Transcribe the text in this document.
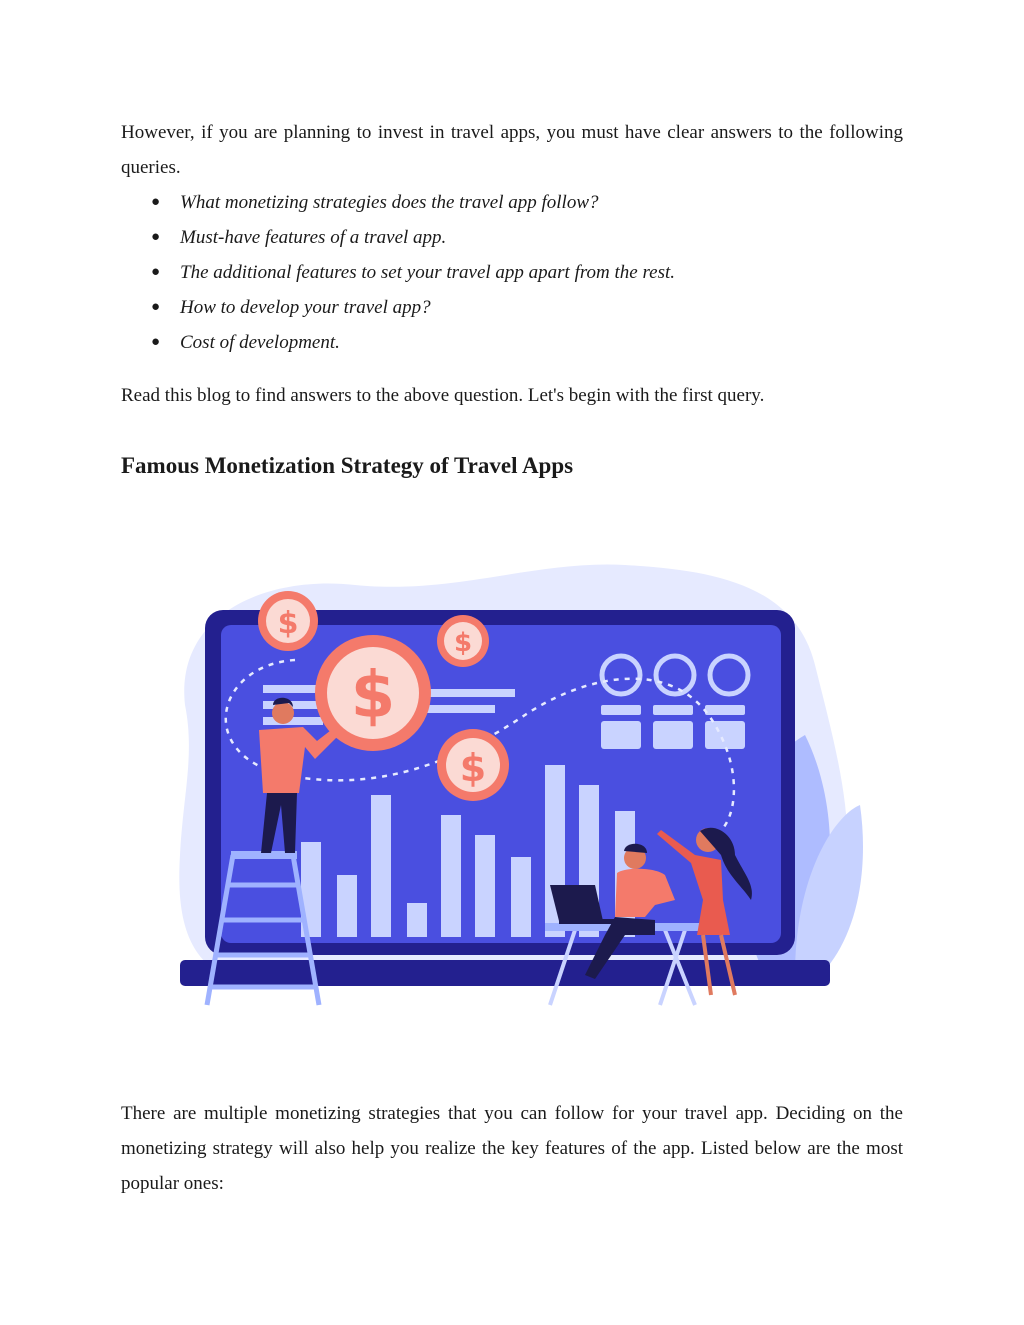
However, if you are planning to invest in travel apps, you must have clear answers to the following queries.

● What monetizing strategies does the travel app follow?
● Must-have features of a travel app.
● The additional features to set your travel app apart from the rest.
● How to develop your travel app?
● Cost of development.

Read this blog to find answers to the above question. Let's begin with the first query.

Famous Monetization Strategy of Travel Apps
$
$
$
$

There are multiple monetizing strategies that you can follow for your travel app. Deciding on the monetizing strategy will also help you realize the key features of the app. Listed below are the most popular ones:
